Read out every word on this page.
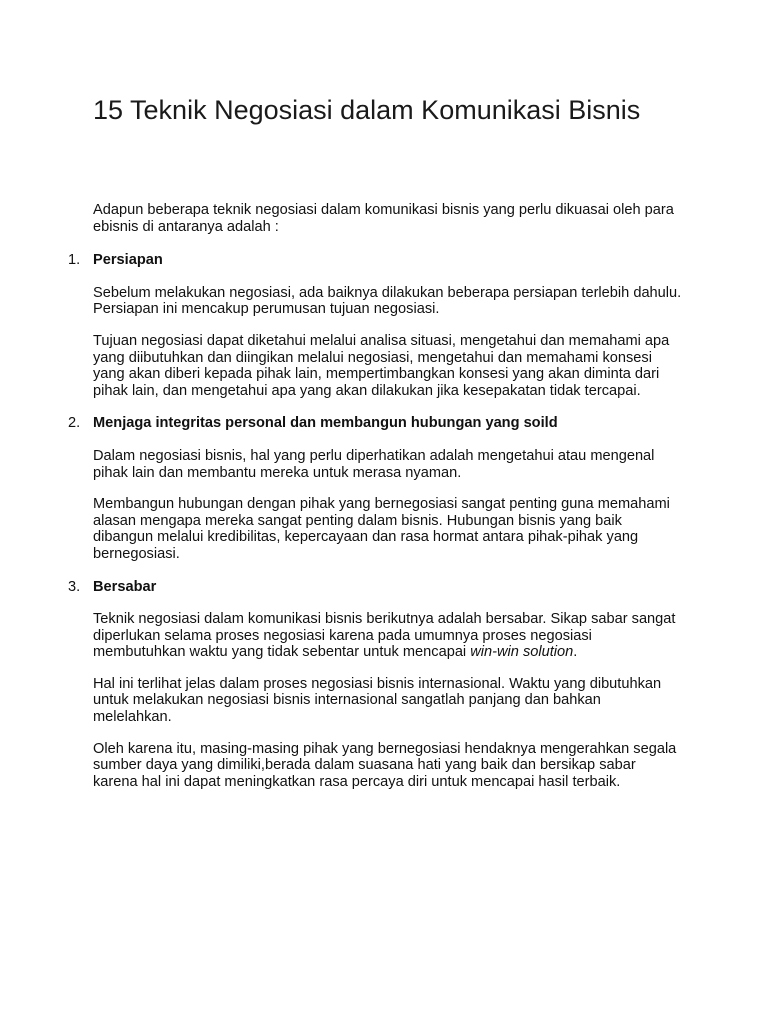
15 Teknik Negosiasi dalam Komunikasi Bisnis

Adapun beberapa teknik negosiasi dalam komunikasi bisnis yang perlu dikuasai oleh para ebisnis di antaranya adalah :

1. Persiapan

Sebelum melakukan negosiasi, ada baiknya dilakukan beberapa persiapan terlebih dahulu. Persiapan ini mencakup perumusan tujuan negosiasi.

Tujuan negosiasi dapat diketahui melalui analisa situasi, mengetahui dan memahami apa yang diibutuhkan dan diingikan melalui negosiasi, mengetahui dan memahami konsesi yang akan diberi kepada pihak lain, mempertimbangkan konsesi yang akan diminta dari pihak lain, dan mengetahui apa yang akan dilakukan jika kesepakatan tidak tercapai.

2. Menjaga integritas personal dan membangun hubungan yang soild

Dalam negosiasi bisnis, hal yang perlu diperhatikan adalah mengetahui atau mengenal pihak lain dan membantu mereka untuk merasa nyaman.

Membangun hubungan dengan pihak yang bernegosiasi sangat penting guna memahami alasan mengapa mereka sangat penting dalam bisnis. Hubungan bisnis yang baik dibangun melalui kredibilitas, kepercayaan dan rasa hormat antara pihak-pihak yang bernegosiasi.

3. Bersabar

Teknik negosiasi dalam komunikasi bisnis berikutnya adalah bersabar. Sikap sabar sangat diperlukan selama proses negosiasi karena pada umumnya proses negosiasi membutuhkan waktu yang tidak sebentar untuk mencapai win-win solution.

Hal ini terlihat jelas dalam proses negosiasi bisnis internasional. Waktu yang dibutuhkan untuk melakukan negosiasi bisnis internasional sangatlah panjang dan bahkan melelahkan.

Oleh karena itu, masing-masing pihak yang bernegosiasi hendaknya mengerahkan segala sumber daya yang dimiliki,berada dalam suasana hati yang baik dan bersikap sabar karena hal ini dapat meningkatkan rasa percaya diri untuk mencapai hasil terbaik.
